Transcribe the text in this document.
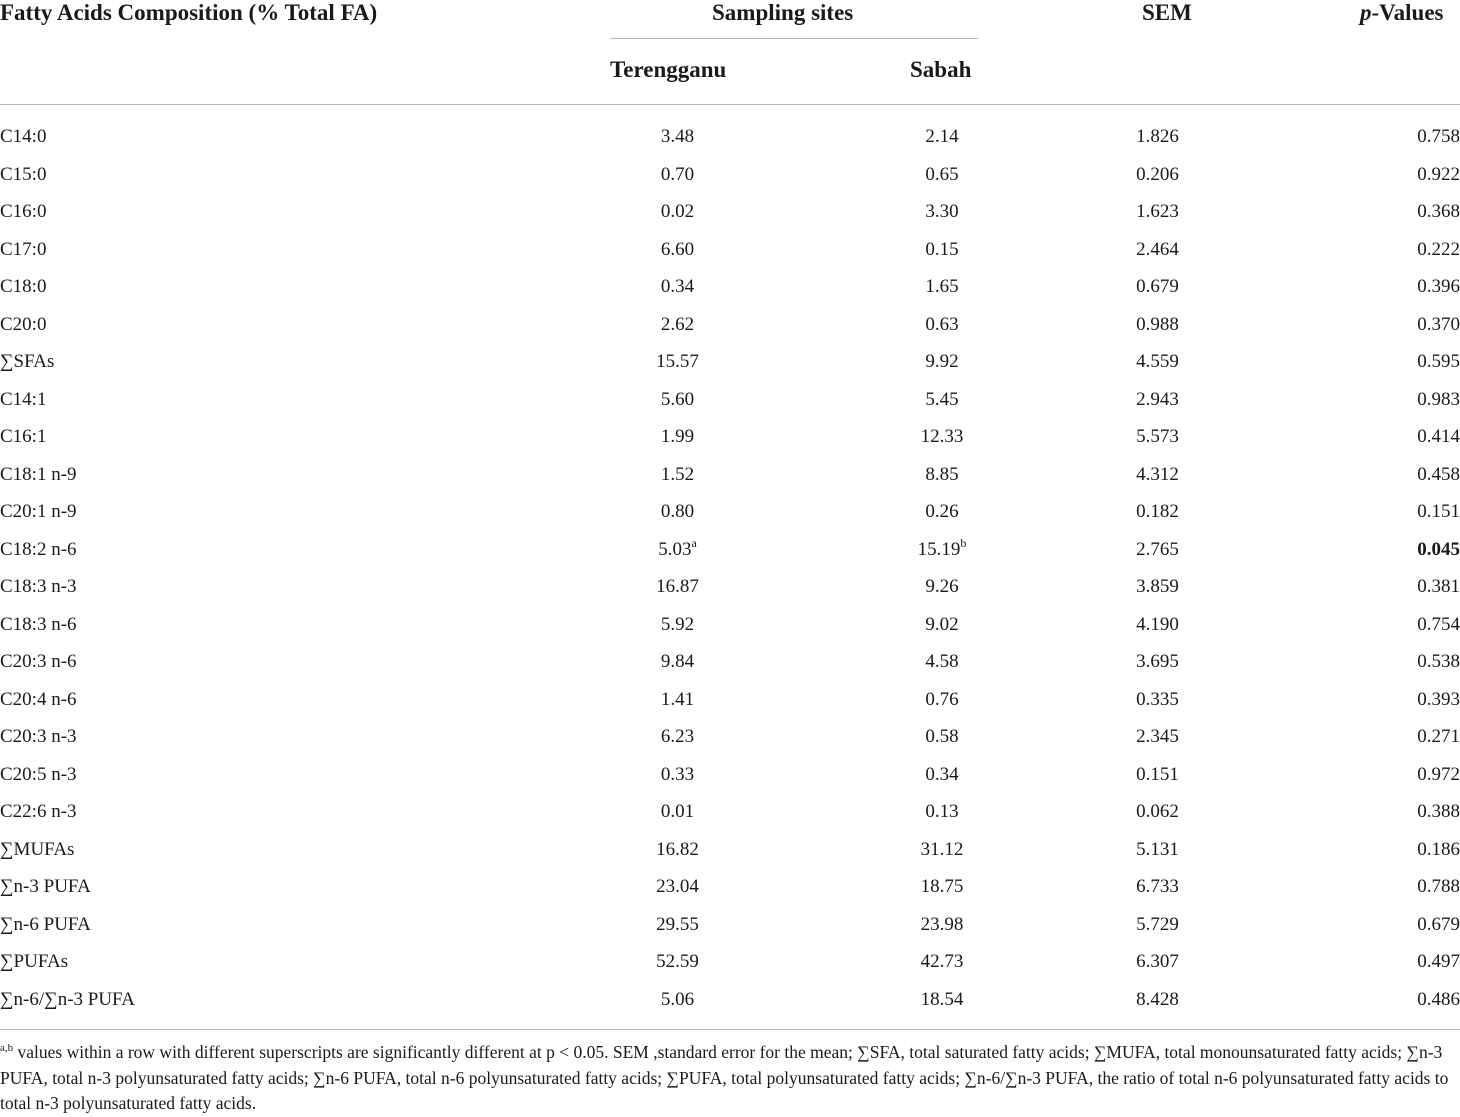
Fatty Acids Composition (% Total FA)	Sampling sites	SEM	p-Values
Terengganu	Sabah
C14:0	3.48		2.14		1.826		0.758
C15:0	0.70		0.65		0.206		0.922
C16:0	0.02		3.30		1.623		0.368
C17:0	6.60		0.15		2.464		0.222
C18:0	0.34		1.65		0.679		0.396
C20:0	2.62		0.63		0.988		0.370
∑SFAs	15.57		9.92		4.559		0.595
C14:1	5.60		5.45		2.943		0.983
C16:1	1.99		12.33		5.573		0.414
C18:1 n-9	1.52		8.85		4.312		0.458
C20:1 n-9	0.80		0.26		0.182		0.151
C18:2 n-6	5.03$^a$		15.19$^b$		2.765		0.045
C18:3 n-3	16.87		9.26		3.859		0.381
C18:3 n-6	5.92		9.02		4.190		0.754
C20:3 n-6	9.84		4.58		3.695		0.538
C20:4 n-6	1.41		0.76		0.335		0.393
C20:3 n-3	6.23		0.58		2.345		0.271
C20:5 n-3	0.33		0.34		0.151		0.972
C22:6 n-3	0.01		0.13		0.062		0.388
∑MUFAs	16.82		31.12		5.131		0.186
∑n-3 PUFA	23.04		18.75		6.733		0.788
∑n-6 PUFA	29.55		23.98		5.729		0.679
∑PUFAs	52.59		42.73		6.307		0.497
∑n-6/∑n-3 PUFA	5.06		18.54		8.428		0.486
$^{a,b}$ values within a row with different superscripts are significantly different at p < 0.05. SEM ,standard error for the mean; ∑SFA, total saturated fatty acids; ∑MUFA, total monounsaturated fatty acids; ∑n-3 PUFA, total n-3 polyunsaturated fatty acids; ∑n-6 PUFA, total n-6 polyunsaturated fatty acids; ∑PUFA, total polyunsaturated fatty acids; ∑n-6/∑n-3 PUFA, the ratio of total n-6 polyunsaturated fatty acids to total n-3 polyunsaturated fatty acids.
